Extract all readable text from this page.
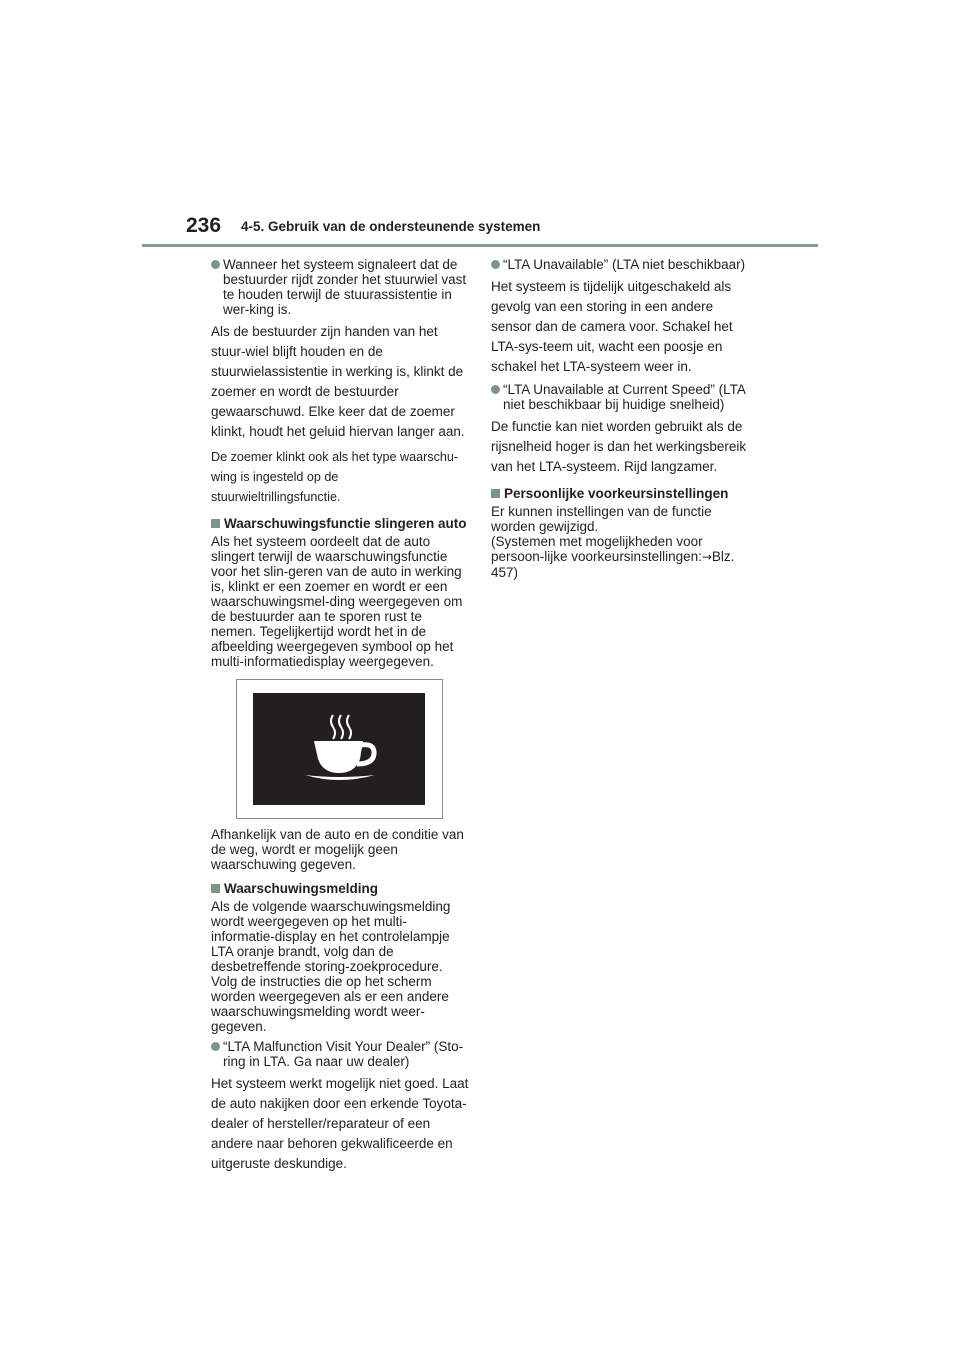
236 4-5. Gebruik van de ondersteunende systemen
Wanneer het systeem signaleert dat de bestuurder rijdt zonder het stuurwiel vast te houden terwijl de stuurassistentie in wer-king is.
Als de bestuurder zijn handen van het stuur-wiel blijft houden en de stuurwielassistentie in werking is, klinkt de zoemer en wordt de bestuurder gewaarschuwd. Elke keer dat de zoemer klinkt, houdt het geluid hiervan langer aan.
De zoemer klinkt ook als het type waarschu-wing is ingesteld op de stuurwieltrillingsfunctie.
Waarschuwingsfunctie slingeren auto
Als het systeem oordeelt dat de auto slingert terwijl de waarschuwingsfunctie voor het slin-geren van de auto in werking is, klinkt er een zoemer en wordt er een waarschuwingsmel-ding weergegeven om de bestuurder aan te sporen rust te nemen. Tegelijkertijd wordt het in de afbeelding weergegeven symbool op het multi-informatiedisplay weergegeven.
Afhankelijk van de auto en de conditie van de weg, wordt er mogelijk geen waarschuwing gegeven.
Waarschuwingsmelding
Als de volgende waarschuwingsmelding wordt weergegeven op het multi-informatie-display en het controlelampje LTA oranje brandt, volg dan de desbetreffende storing-zoekprocedure. Volg de instructies die op het scherm worden weergegeven als er een andere waarschuwingsmelding wordt weer-gegeven.
“LTA Malfunction Visit Your Dealer” (Sto-ring in LTA. Ga naar uw dealer)
Het systeem werkt mogelijk niet goed. Laat de auto nakijken door een erkende Toyota-dealer of hersteller/reparateur of een andere naar behoren gekwalificeerde en uitgeruste deskundige.
“LTA Unavailable” (LTA niet beschikbaar)
Het systeem is tijdelijk uitgeschakeld als gevolg van een storing in een andere sensor dan de camera voor. Schakel het LTA-sys-teem uit, wacht een poosje en schakel het LTA-systeem weer in.
“LTA Unavailable at Current Speed” (LTA niet beschikbaar bij huidige snelheid)
De functie kan niet worden gebruikt als de rijsnelheid hoger is dan het werkingsbereik van het LTA-systeem. Rijd langzamer.
Persoonlijke voorkeursinstellingen
Er kunnen instellingen van de functie worden gewijzigd.
(Systemen met mogelijkheden voor persoon-lijke voorkeursinstellingen:→Blz. 457)
